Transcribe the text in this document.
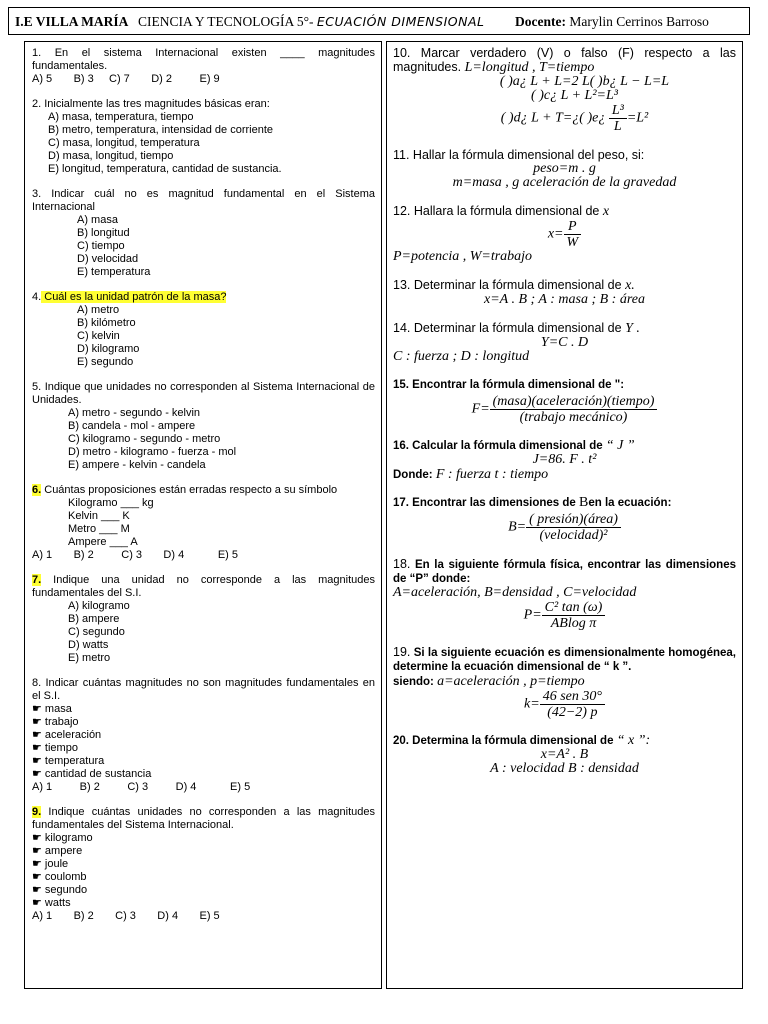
I.E VILLA MARÍA CIENCIA Y TECNOLOGÍA 5°- ECUACIÓN DIMENSIONAL Docente: Marylin Cerrinos Barroso
1. En el sistema Internacional existen ____ magnitudes fundamentales.
A) 5       B) 3     C) 7       D) 2         E) 9
2. Inicialmente las tres magnitudes básicas eran:
A) masa, temperatura, tiempo
B) metro, temperatura, intensidad de corriente
C) masa, longitud, temperatura
D) masa, longitud, tiempo
E) longitud, temperatura, cantidad de sustancia.
3. Indicar cuál no es magnitud fundamental en el Sistema Internacional
A) masa
B) longitud
C) tiempo
D) velocidad
E) temperatura
4. Cuál es la unidad patrón de la masa?
A) metro
B) kilómetro
C) kelvin
D) kilogramo
E) segundo
5. Indique que unidades no corresponden al Sistema Internacional de Unidades.
A) metro - segundo - kelvin
B) candela - mol - ampere
C) kilogramo - segundo - metro
D) metro - kilogramo - fuerza - mol
E) ampere - kelvin - candela
6. Cuántas proposiciones están erradas respecto a su símbolo
Kilogramo ___ kg
Kelvin ___ K
Metro ___ M
Ampere ___ A
A) 1       B) 2         C) 3       D) 4           E) 5
7. Indique una unidad no corresponde a las magnitudes fundamentales del S.I.
A) kilogramo
B) ampere
C) segundo
D) watts
E) metro
8. Indicar cuántas magnitudes no son magnitudes fundamentales en el S.I.
☛ masa
☛ trabajo
☛ aceleración
☛ tiempo
☛ temperatura
☛ cantidad de sustancia
A) 1         B) 2         C) 3         D) 4           E) 5
9. Indique cuántas unidades no corresponden a las magnitudes fundamentales del Sistema Internacional.
☛ kilogramo
☛ ampere
☛ joule
☛ coulomb
☛ segundo
☛ watts
A) 1       B) 2       C) 3       D) 4       E) 5
10. Marcar verdadero (V) o falso (F) respecto a las magnitudes. L=longitud , T=tiempo
( )a¿ L + L=2 L( )b¿ L − L=L
( )c¿ L + L²=L³
( )d¿ L + T=¿( )e¿ $\frac{\text{L³}}{L} =L^2$
11. Hallar la fórmula dimensional del peso, si:
peso=m . g
m=masa , g aceleración de la gravedad
12. Hallara la fórmula dimensional de x
$x= \frac{P}{W}$
P=potencia , W=trabajo
13. Determinar la fórmula dimensional de x.
x=A . B ; A : masa ; B : área
14. Determinar la fórmula dimensional de Y .
Y=C . D
C : fuerza ; D : longitud
15. Encontrar la fórmula dimensional de ":
$F= \frac{\text{(masa)(aceleración)(tiempo)}}{\text{(trabajo mecánico)}}$
16. Calcular la fórmula dimensional de “ J ”
J=86. F . t²
Donde: F : fuerza t : tiempo
17. Encontrar las dimensiones de Ben la ecuación:
$B= \frac{\text{( presión)(área)}}{\text{(velocidad)²}}$
18. En la siguiente fórmula física, encontrar las dimensiones de “P” donde:
A=aceleración, B=densidad , C=velocidad
$P= \frac{\text{C² tan (ω)}}{\text{ABlog π}}$
19. Si la siguiente ecuación es dimensionalmente homogénea, determine la ecuación dimensional de “ k ”.
siendo: a=aceleración , p=tiempo
$k= \frac{\text{46 sen 30°}}{(42-2) p}$
20. Determina la fórmula dimensional de “ x ”:
x=A² . B
A : velocidad B : densidad
